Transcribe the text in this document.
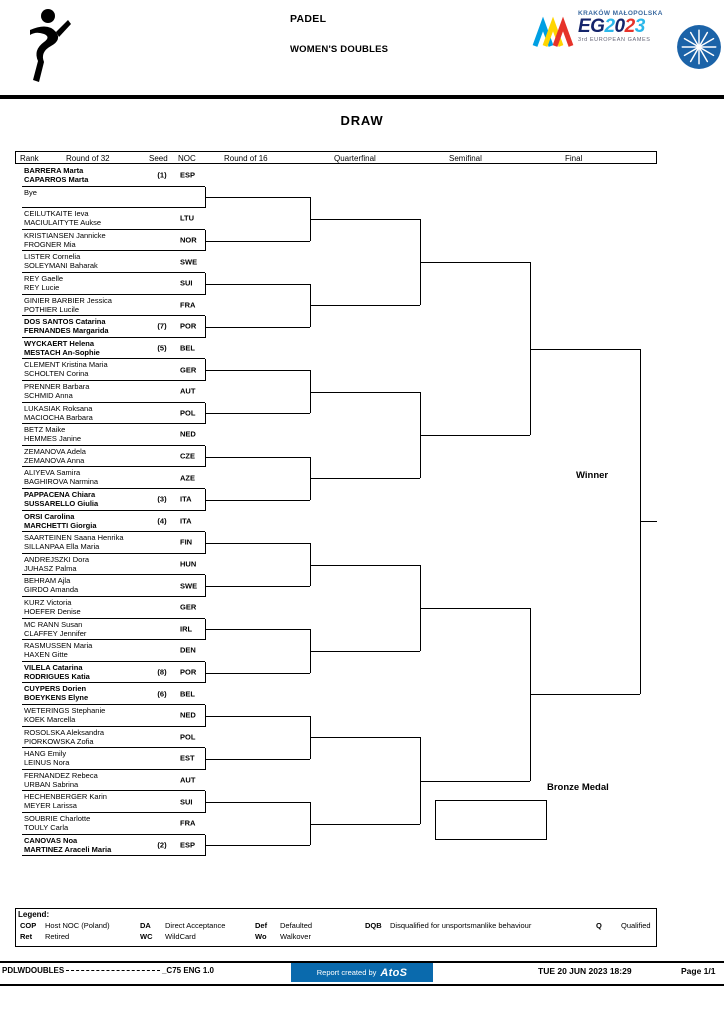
PADEL
WOMEN'S DOUBLES
KRAKÓW MAŁOPOLSKA
EG2023
3rd EUROPEAN GAMES
DRAW
Rank	Round of 32	Seed NOC	Round of 16	Quarterfinal	Semifinal	Final
BARRERA Marta
CAPARROS Marta	(1)	ESP
Bye
CEILUTKAITE Ieva
MACIULAITYTE Aukse	LTU
KRISTIANSEN Jannicke
FROGNER Mia	NOR
LISTER Cornelia
SOLEYMANI Baharak	SWE
REY Gaelle
REY Lucie	SUI
GINIER BARBIER Jessica
POTHIER Lucile	FRA
DOS SANTOS Catarina
FERNANDES Margarida	(7)	POR
WYCKAERT Helena
MESTACH An-Sophie	(5)	BEL
CLEMENT Kristina Maria
SCHOLTEN Corina	GER
PRENNER Barbara
SCHMID Anna	AUT
LUKASIAK Roksana
MACIOCHA Barbara	POL
BETZ Maike
HEMMES Janine	NED
ZEMANOVA Adela
ZEMANOVA Anna	CZE
ALIYEVA Samira
BAGHIROVA Narmina	AZE
PAPPACENA Chiara
SUSSARELLO Giulia	(3)	ITA
ORSI Carolina
MARCHETTI Giorgia	(4)	ITA
SAARTEINEN Saana Henrika
SILLANPAA Ella Maria	FIN
ANDREJSZKI Dora
JUHASZ Palma	HUN
BEHRAM Ajla
GIRDO Amanda	SWE
KURZ Victoria
HOEFER Denise	GER
MC RANN Susan
CLAFFEY Jennifer	IRL
RASMUSSEN Maria
HAXEN Gitte	DEN
VILELA Catarina
RODRIGUES Katia	(8)	POR
CUYPERS Dorien
BOEYKENS Elyne	(6)	BEL
WETERINGS Stephanie
KOEK Marcella	NED
ROSOLSKA Aleksandra
PIORKOWSKA Zofia	POL
HANG Emily
LEINUS Nora	EST
FERNANDEZ Rebeca
URBAN Sabrina	AUT
HECHENBERGER Karin
MEYER Larissa	SUI
SOUBRIE Charlotte
TOULY Carla	FRA
CANOVAS Noa
MARTINEZ Araceli Maria	(2)	ESP
Winner
Bronze Medal
Legend:
COP Host NOC (Poland)	DA Direct Acceptance	Def Defaulted	DQB Disqualified for unsportsmanlike behaviour	Q	Qualified
Ret Retired	WC WildCard	Wo Walkover
PDLWDOUBLES	_C75 ENG 1.0	Report created by AtoS	TUE 20 JUN 2023 18:29	Page 1/1
